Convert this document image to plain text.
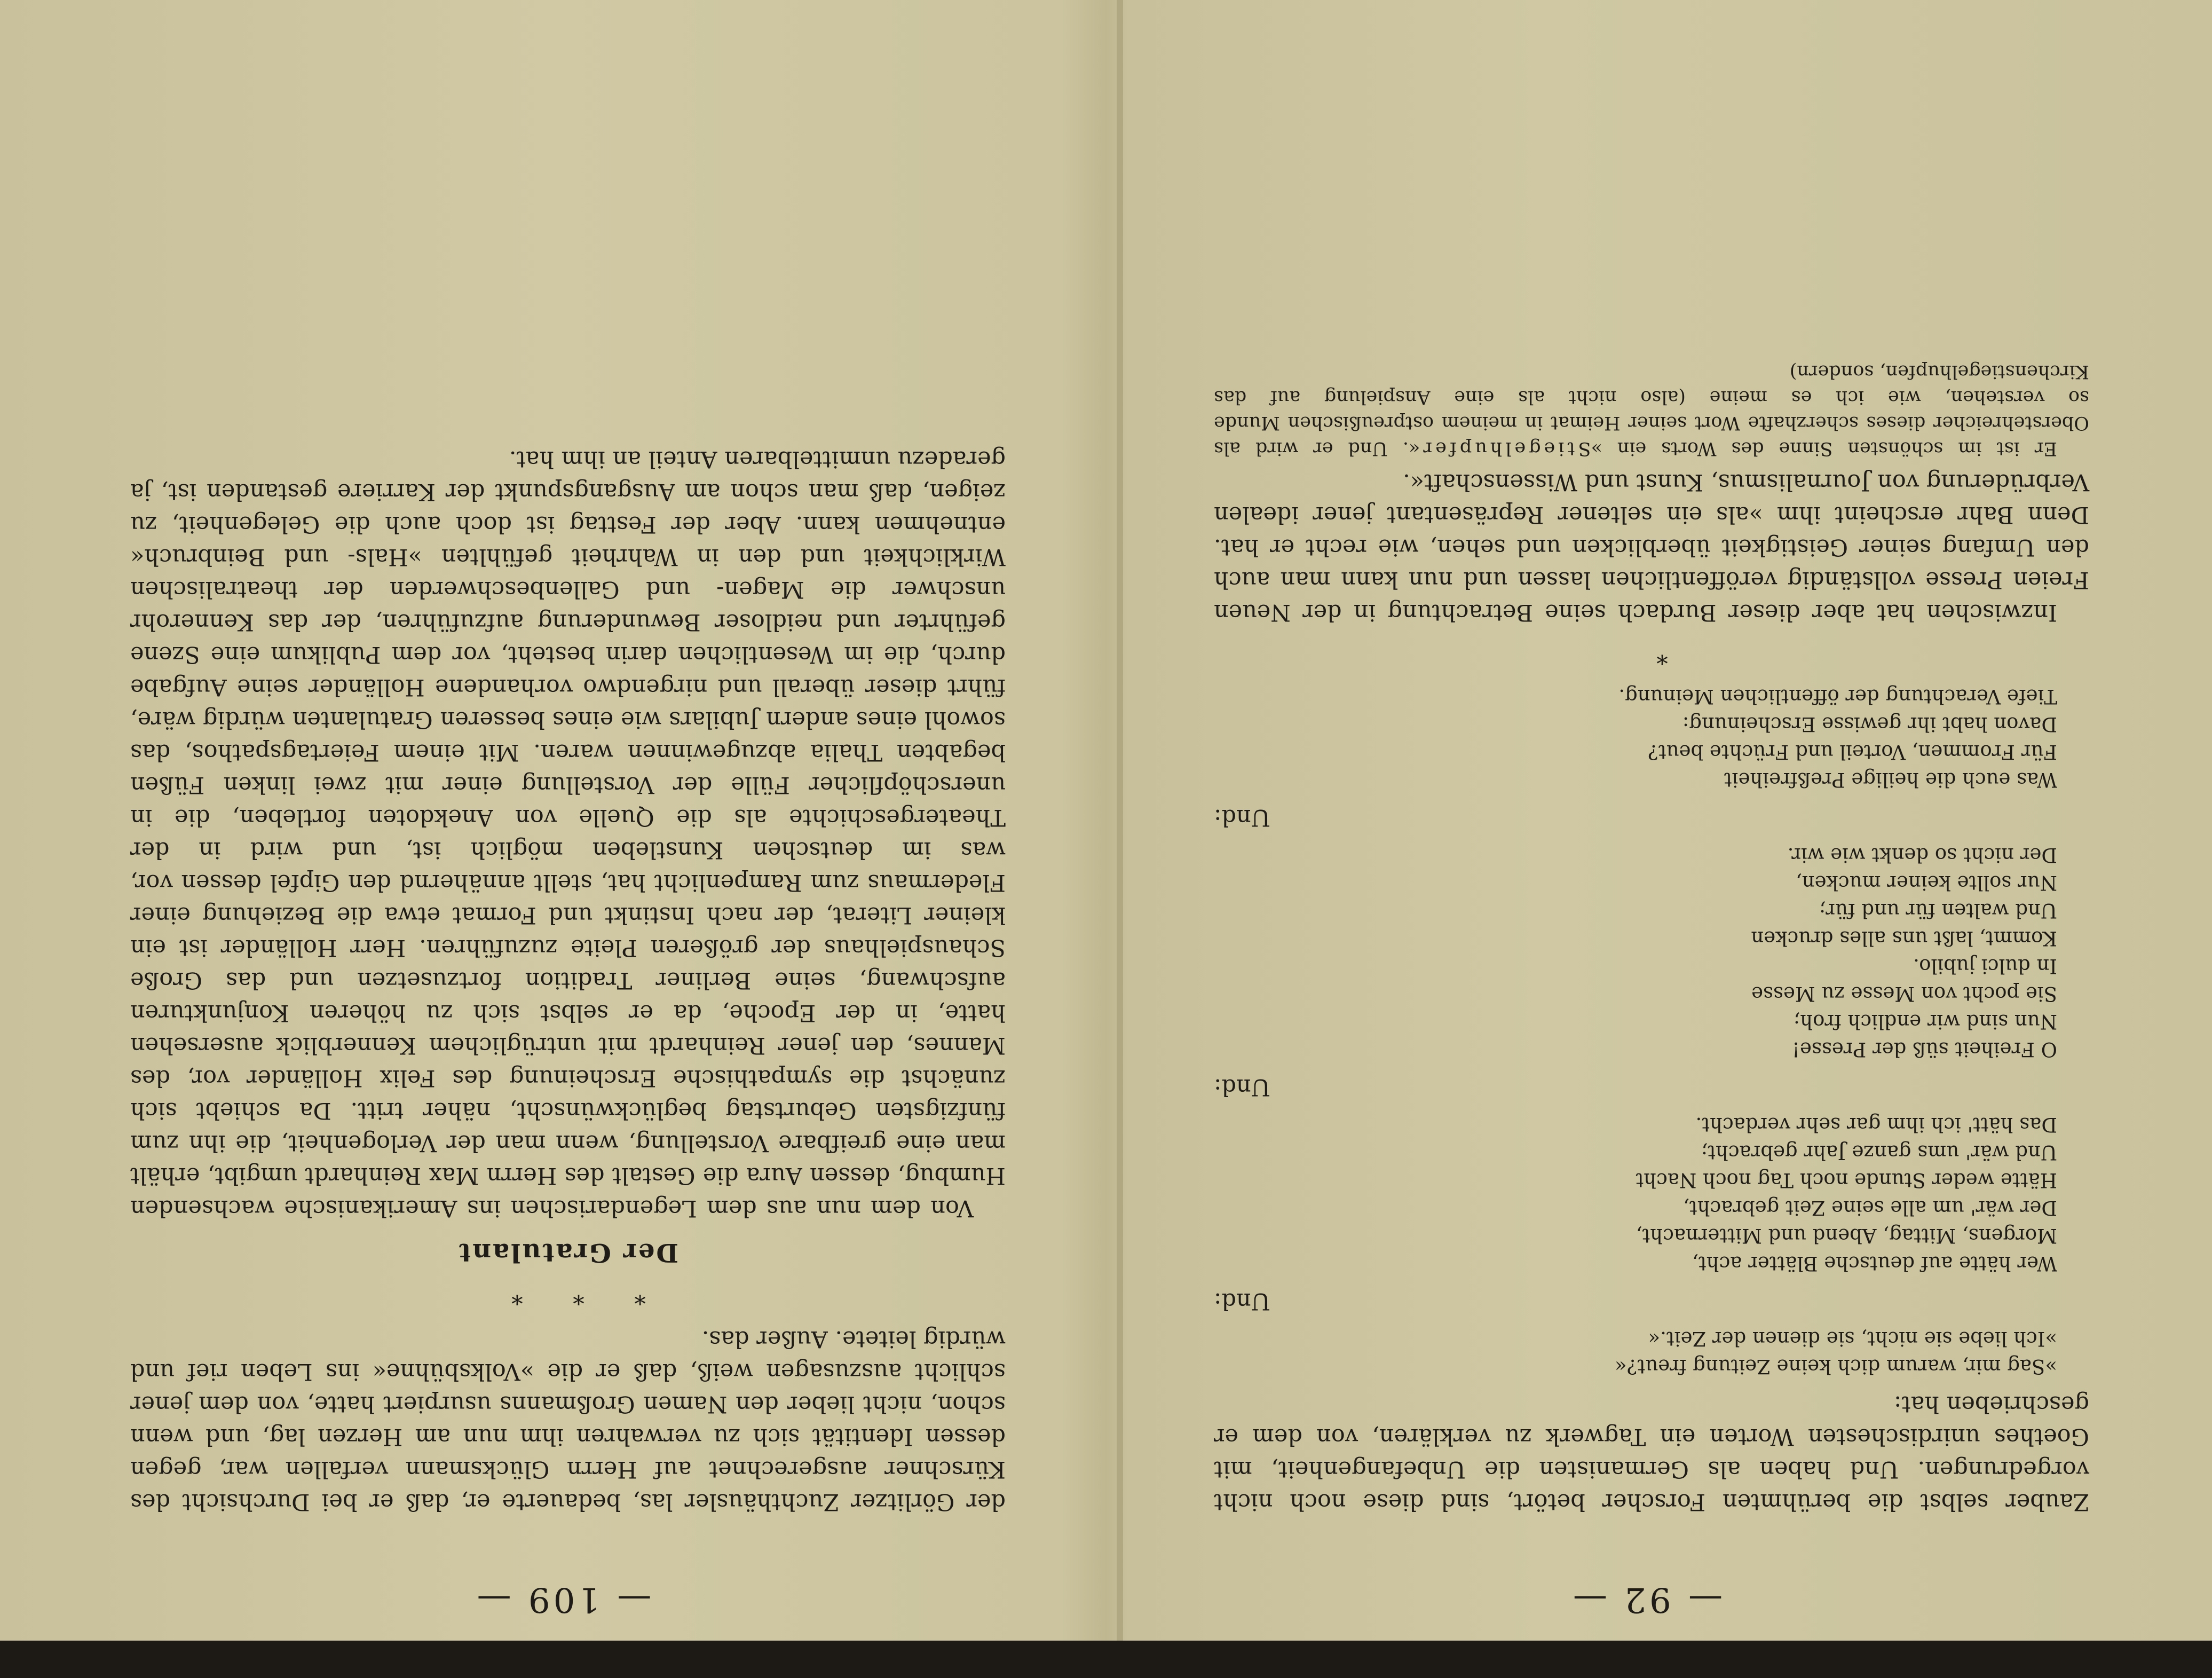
— 92 —

Zauber selbst die berühmten Forscher betört, sind diese noch nicht vorgedrungen. Und haben als Germanisten die Unbefangenheit, mit Goethes unirdischesten Worten ein Tagwerk zu verklären, von dem er geschrieben hat:

»Sag mir, warum dich keine Zeitung freut?«
»Ich liebe sie nicht, sie dienen der Zeit.«
Und:
Wer hätte auf deutsche Blätter acht,
Morgens, Mittag, Abend und Mitternacht,
Der wär' um alle seine Zeit gebracht,
Hätte weder Stunde noch Tag noch Nacht
Und wär' ums ganze Jahr gebracht;
Das hätt' ich ihm gar sehr verdacht.
Und:
O Freiheit süß der Presse!
Nun sind wir endlich froh;
Sie pocht von Messe zu Messe
In dulci jubilo.
Kommt, laßt uns alles drucken
Und walten für und für;
Nur sollte keiner mucken,
Der nicht so denkt wie wir.
Und:
Was euch die heilige Preßfreiheit
Für Frommen, Vorteil und Früchte beut?
Davon habt ihr gewisse Erscheinung:
Tiefe Verachtung der öffentlichen Meinung.
*

Inzwischen hat aber dieser Burdach seine Betrachtung in der Neuen Freien Presse vollständig veröffentlichen lassen und nun kann man auch den Umfang seiner Geistigkeit überblicken und sehen, wie recht er hat. Denn Bahr erscheint ihm »als ein seltener Repräsentant jener idealen Verbrüderung von Journalismus, Kunst und Wissenschaft«.

Er ist im schönsten Sinne des Worts ein »Stiegelhupfer«. Und er wird als Oberstehreicher dieses scherzhafte Wort seiner Heimat in meinem ostpreußischen Munde so verstehen, wie ich es meine (also nicht als eine Anspielung auf das Kirchenstiegelhupfen, sondern)

— 109 —

der Görlitzer Zuchthäusler las, bedauerte er, daß er bei Durchsicht des Kürschner ausgerechnet auf Herrn Glücksmann verfallen war, gegen dessen Identität sich zu verwahren ihm nun am Herzen lag, und wenn schon, nicht lieber den Namen Großmanns usurpiert hatte, von dem jener schlicht auszusagen weiß, daß er die »Volksbühne« ins Leben rief und würdig leitete. Außer das.

* * *
Der Gratulant

Von dem nun aus dem Legendarischen ins Amerikanische wachsenden Humbug, dessen Aura die Gestalt des Herrn Max Reinhardt umgibt, erhält man eine greifbare Vorstellung, wenn man der Verlogenheit, die ihn zum fünfzigsten Geburtstag beglückwünscht, näher tritt. Da schiebt sich zunächst die sympathische Erscheinung des Felix Holländer vor, des Mannes, den jener Reinhardt mit untrüglichem Kennerblick ausersehen hatte, in der Epoche, da er selbst sich zu höheren Konjunkturen aufschwang, seine Berliner Tradition fortzusetzen und das Große Schauspielhaus der größeren Pleite zuzuführen. Herr Holländer ist ein kleiner Literat, der nach Instinkt und Format etwa die Beziehung einer Fledermaus zum Rampenlicht hat, stellt annähernd den Gipfel dessen vor, was im deutschen Kunstleben möglich ist, und wird in der Theatergeschichte als die Quelle von Anekdoten fortleben, die in unerschöpflicher Fülle der Vorstellung einer mit zwei linken Füßen begabten Thalia abzugewinnen waren. Mit einem Feiertagspathos, das sowohl eines andern Jubilars wie eines besseren Gratulanten würdig wäre, führt dieser überall und nirgendwo vorhandene Holländer seine Aufgabe durch, die im Wesentlichen darin besteht, vor dem Publikum eine Szene geführter und neidloser Bewunderung aufzuführen, der das Kennerohr unschwer die Magen- und Gallenbeschwerden der theatralischen Wirklichkeit und den in Wahrheit gefühlten »Hals- und Beinbruch« entnehmen kann. Aber der Festtag ist doch auch die Gelegenheit, zu zeigen, daß man schon am Ausgangspunkt der Karriere gestanden ist, ja geradezu unmittelbaren Anteil an ihm hat.
